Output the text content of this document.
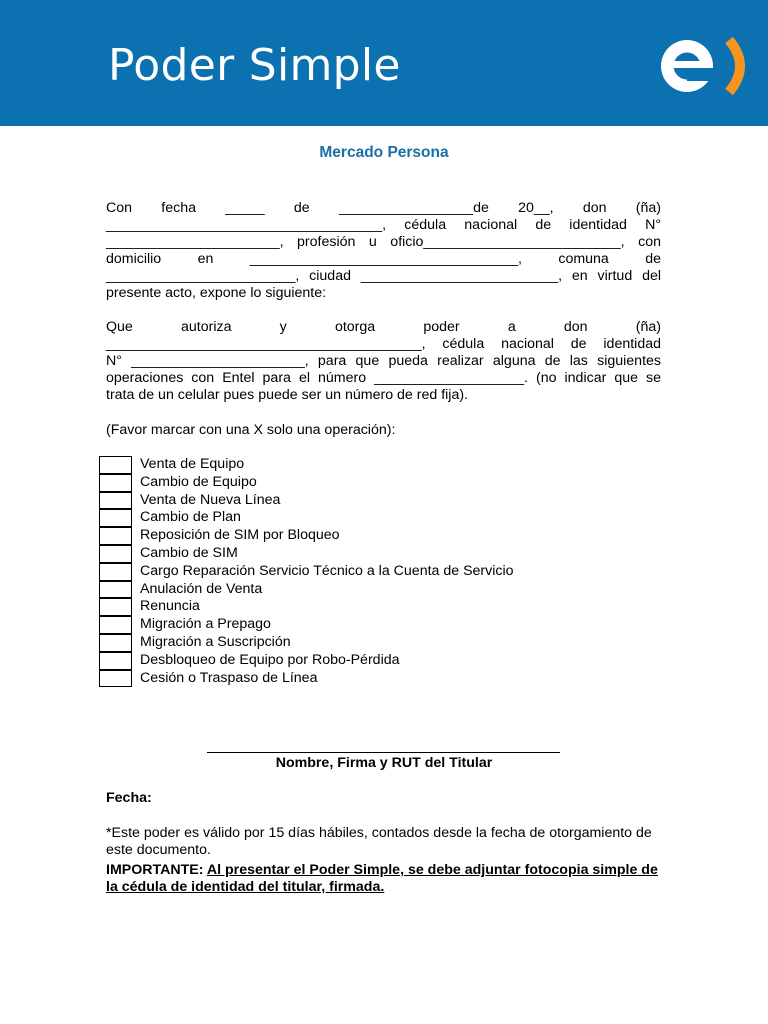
Poder Simple
Mercado Persona
Con fecha _____ de _________________de 20__, don (ña)
___________________________________, cédula nacional de identidad N°
______________________, profesión u oficio_________________________, con
domicilio en __________________________________, comuna de
________________________, ciudad _________________________, en virtud del
presente acto, expone lo siguiente:
Que autoriza y otorga poder a don (ña)
________________________________________, cédula nacional de identidad
N° ______________________, para que pueda realizar alguna de las siguientes
operaciones con Entel para el número ___________________. (no indicar que se
trata de un celular pues puede ser un número de red fija).
(Favor marcar con una X solo una operación):
Venta de Equipo
Cambio de Equipo
Venta de Nueva Línea
Cambio de Plan
Reposición de SIM por Bloqueo
Cambio de SIM
Cargo Reparación Servicio Técnico a la Cuenta de Servicio
Anulación de Venta
Renuncia
Migración a Prepago
Migración a Suscripción
Desbloqueo de Equipo por Robo-Pérdida
Cesión o Traspaso de Línea
Nombre, Firma y RUT del Titular
Fecha:
*Este poder es válido por 15 días hábiles, contados desde la fecha de otorgamiento de este documento.
IMPORTANTE: Al presentar el Poder Simple, se debe adjuntar fotocopia simple de la cédula de identidad del titular, firmada.
